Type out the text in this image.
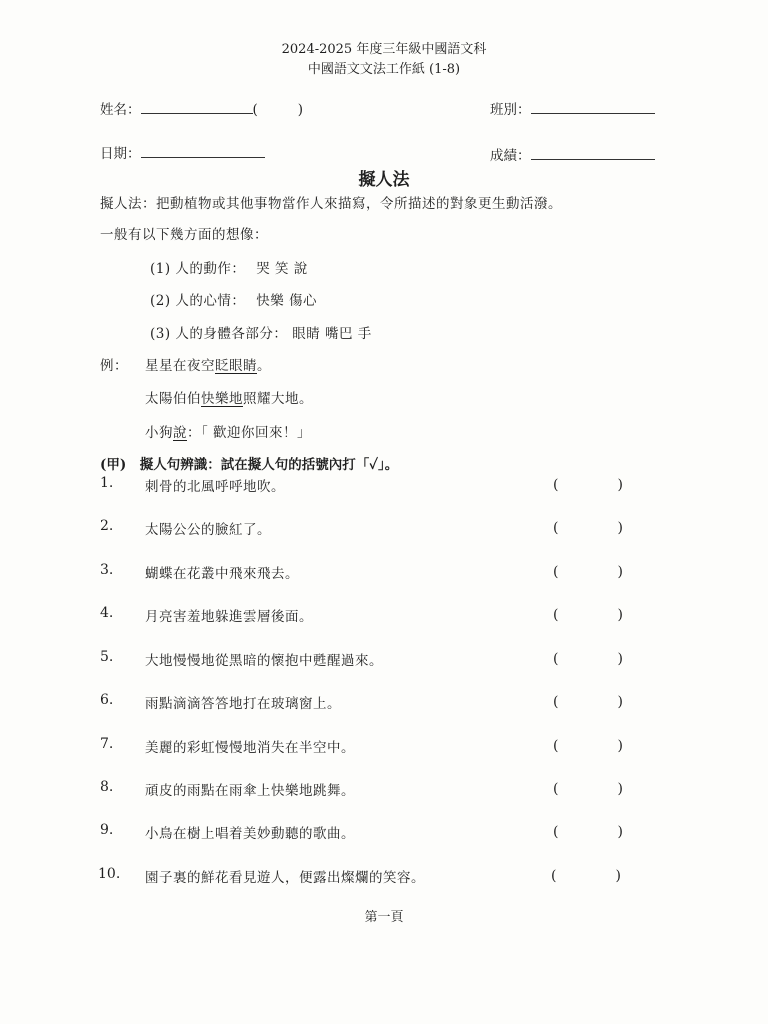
2024-2025 年度三年級中國語文科
中國語文文法工作紙 (1-8)
姓名：	(	)	班別：
日期：	成績：
擬人法
擬人法：把動植物或其他事物當作人來描寫，令所描述的對象更生動活潑。
一般有以下幾方面的想像：
(1) 人的動作： 哭 笑 說
(2) 人的心情： 快樂 傷心
(3) 人的身體各部分： 眼睛 嘴巴 手
例： 星星在夜空眨眼睛。
太陽伯伯快樂地照耀大地。
小狗說：「 歡迎你回來！」
(甲)　擬人句辨識：試在擬人句的括號內打「✓」。
1. 刺骨的北風呼呼地吹。	(	)
2. 太陽公公的臉紅了。	(	)
3. 蝴蝶在花叢中飛來飛去。	(	)
4. 月亮害羞地躲進雲層後面。	(	)
5. 大地慢慢地從黑暗的懷抱中甦醒過來。	(	)
6. 雨點滴滴答答地打在玻璃窗上。	(	)
7. 美麗的彩虹慢慢地消失在半空中。	(	)
8. 頑皮的雨點在雨傘上快樂地跳舞。	(	)
9. 小鳥在樹上唱着美妙動聽的歌曲。	(	)
10. 園子裏的鮮花看見遊人，便露出燦爛的笑容。	(	)
第一頁
